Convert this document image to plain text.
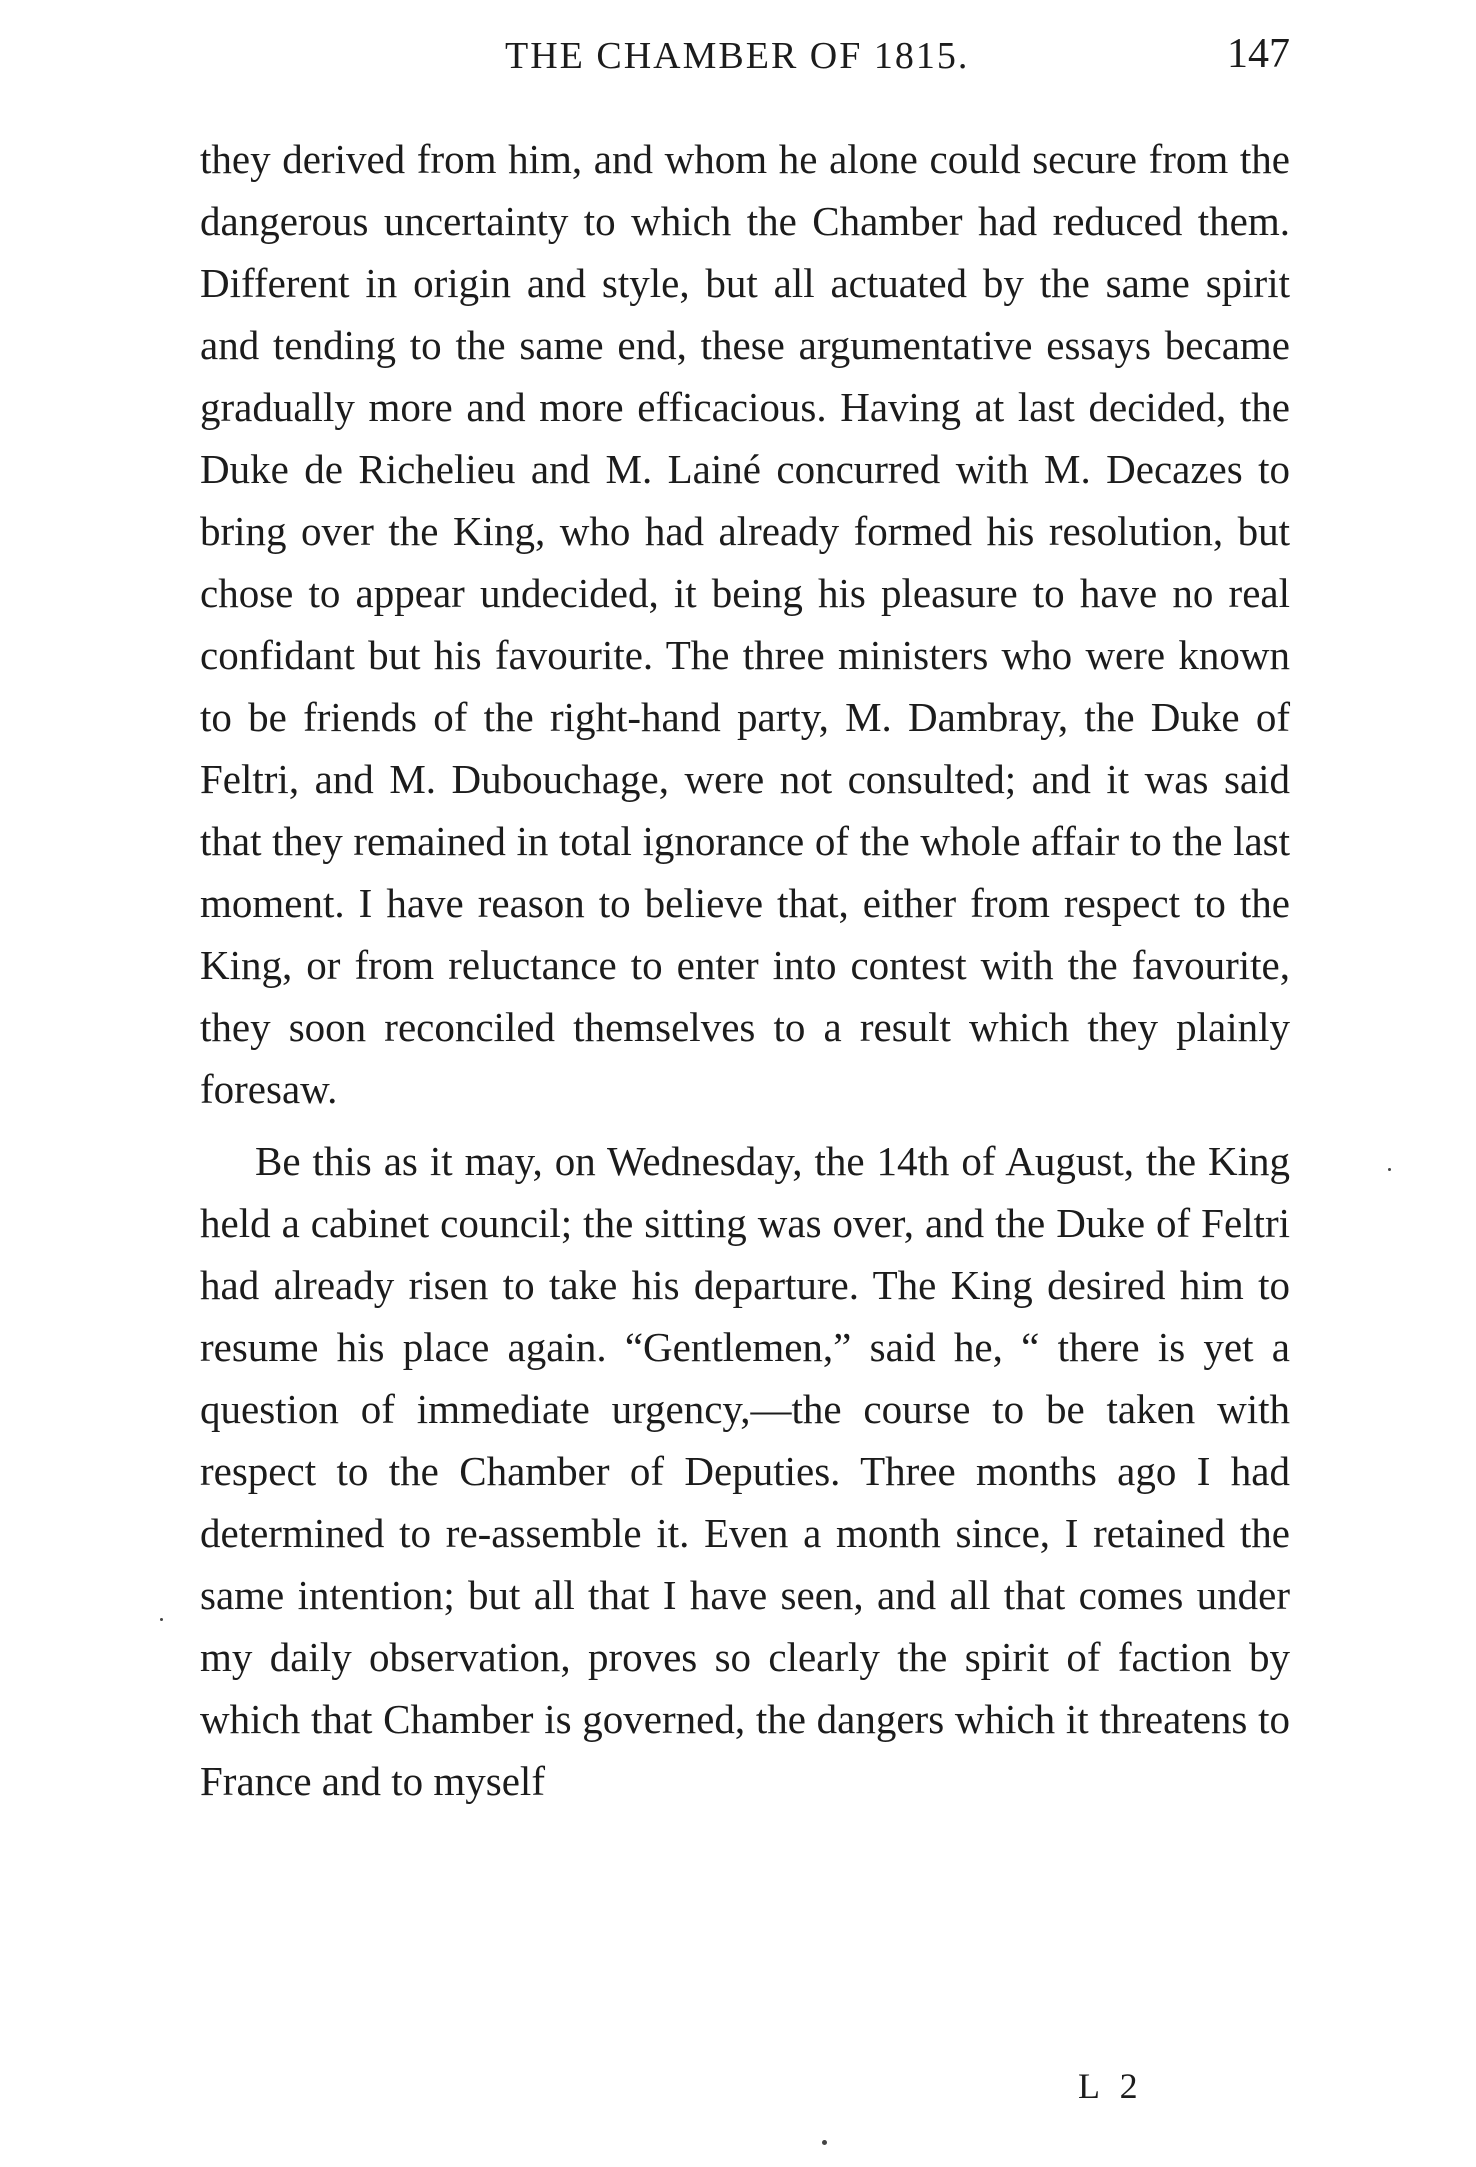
THE CHAMBER OF 1815.	147

they derived from him, and whom he alone could secure from the dangerous uncertainty to which the Chamber had reduced them. Different in origin and style, but all actuated by the same spirit and tending to the same end, these argumentative essays became gradually more and more efficacious. Having at last decided, the Duke de Richelieu and M. Lainé concurred with M. Decazes to bring over the King, who had already formed his resolution, but chose to appear undecided, it being his pleasure to have no real confidant but his favourite. The three ministers who were known to be friends of the right-hand party, M. Dambray, the Duke of Feltri, and M. Dubouchage, were not consulted; and it was said that they remained in total ignorance of the whole affair to the last moment. I have reason to believe that, either from respect to the King, or from reluctance to enter into contest with the favourite, they soon reconciled themselves to a result which they plainly foresaw.

Be this as it may, on Wednesday, the 14th of August, the King held a cabinet council; the sitting was over, and the Duke of Feltri had already risen to take his departure. The King desired him to resume his place again. “Gentlemen,” said he, “ there is yet a question of immediate urgency,—the course to be taken with respect to the Chamber of Deputies. Three months ago I had determined to re-assemble it. Even a month since, I retained the same intention; but all that I have seen, and all that comes under my daily observation, proves so clearly the spirit of faction by which that Chamber is governed, the dangers which it threatens to France and to myself

L 2
